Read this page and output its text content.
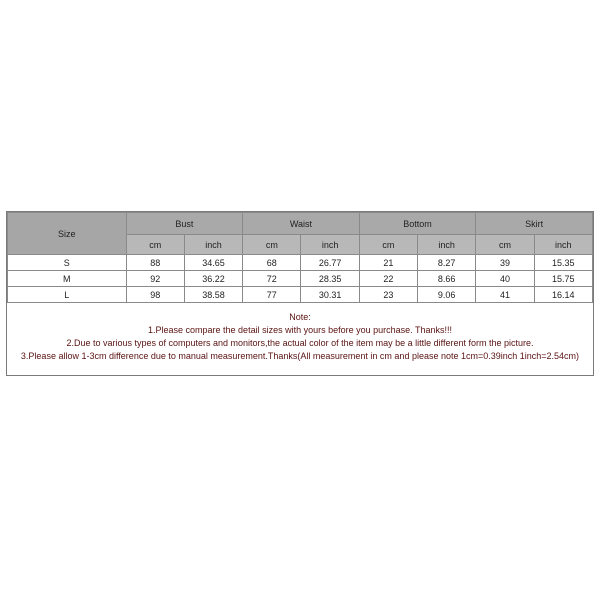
Size	Bust		Waist		Bottom		Skirt	
	cm	inch	cm	inch	cm	inch	cm	inch
S	88	34.65	68	26.77	21	8.27	39	15.35
M	92	36.22	72	28.35	22	8.66	40	15.75
L	98	38.58	77	30.31	23	9.06	41	16.14
Note:
1.Please compare the detail sizes with yours before you purchase. Thanks!!!
2.Due to various types of computers and monitors,the actual color of the item may be a little different form the picture.
3.Please allow 1-3cm difference due to manual measurement.Thanks(All measurement in cm and please note 1cm=0.39inch 1inch=2.54cm)
